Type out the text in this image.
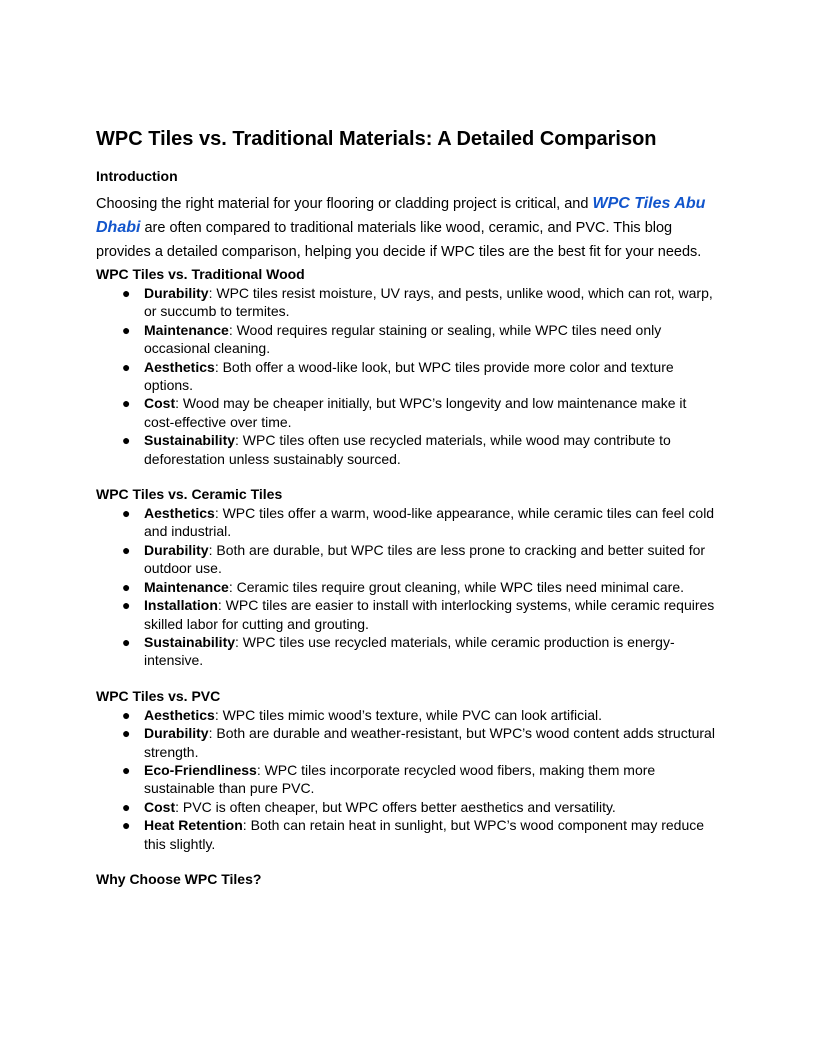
WPC Tiles vs. Traditional Materials: A Detailed Comparison
Introduction

Choosing the right material for your flooring or cladding project is critical, and WPC Tiles Abu Dhabi are often compared to traditional materials like wood, ceramic, and PVC. This blog provides a detailed comparison, helping you decide if WPC tiles are the best fit for your needs.

WPC Tiles vs. Traditional Wood
● Durability: WPC tiles resist moisture, UV rays, and pests, unlike wood, which can rot, warp, or succumb to termites.
● Maintenance: Wood requires regular staining or sealing, while WPC tiles need only occasional cleaning.
● Aesthetics: Both offer a wood-like look, but WPC tiles provide more color and texture options.
● Cost: Wood may be cheaper initially, but WPC’s longevity and low maintenance make it cost-effective over time.
● Sustainability: WPC tiles often use recycled materials, while wood may contribute to deforestation unless sustainably sourced.
WPC Tiles vs. Ceramic Tiles
● Aesthetics: WPC tiles offer a warm, wood-like appearance, while ceramic tiles can feel cold and industrial.
● Durability: Both are durable, but WPC tiles are less prone to cracking and better suited for outdoor use.
● Maintenance: Ceramic tiles require grout cleaning, while WPC tiles need minimal care.
● Installation: WPC tiles are easier to install with interlocking systems, while ceramic requires skilled labor for cutting and grouting.
● Sustainability: WPC tiles use recycled materials, while ceramic production is energy-intensive.
WPC Tiles vs. PVC
● Aesthetics: WPC tiles mimic wood’s texture, while PVC can look artificial.
● Durability: Both are durable and weather-resistant, but WPC’s wood content adds structural strength.
● Eco-Friendliness: WPC tiles incorporate recycled wood fibers, making them more sustainable than pure PVC.
● Cost: PVC is often cheaper, but WPC offers better aesthetics and versatility.
● Heat Retention: Both can retain heat in sunlight, but WPC’s wood component may reduce this slightly.
Why Choose WPC Tiles?
